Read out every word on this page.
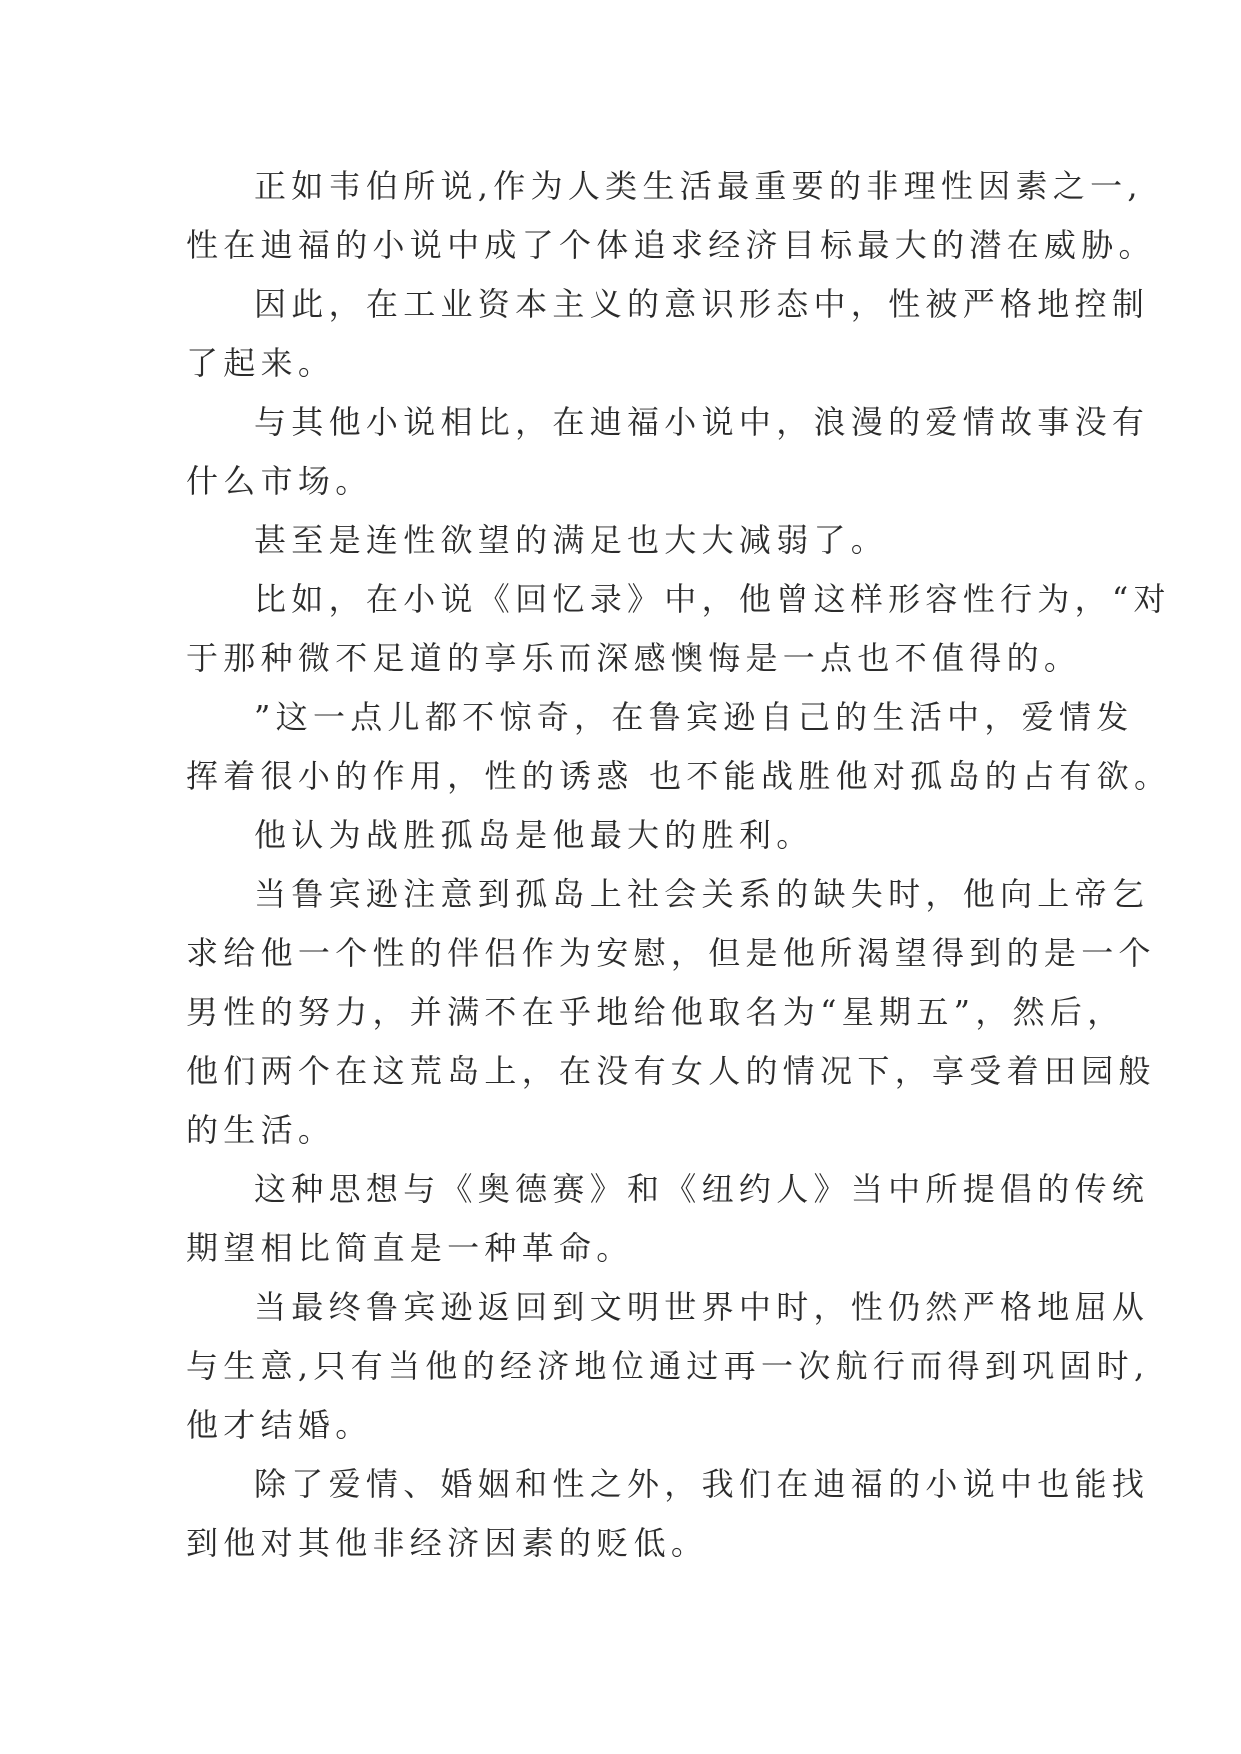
正如韦伯所说,作为人类生活最重要的非理性因素之一,
性在迪福的小说中成了个体追求经济目标最大的潜在威胁。
因此，在工业资本主义的意识形态中，性被严格地控制
了起来。
与其他小说相比，在迪福小说中，浪漫的爱情故事没有
什么市场。
甚至是连性欲望的满足也大大减弱了。
比如，在小说《回忆录》中，他曾这样形容性行为，“对
于那种微不足道的享乐而深感懊悔是一点也不值得的。
”这一点儿都不惊奇，在鲁宾逊自己的生活中，爱情发
挥着很小的作用，性的诱惑 也不能战胜他对孤岛的占有欲。
他认为战胜孤岛是他最大的胜利。
当鲁宾逊注意到孤岛上社会关系的缺失时，他向上帝乞
求给他一个性的伴侣作为安慰，但是他所渴望得到的是一个
男性的努力，并满不在乎地给他取名为“星期五”，然后，
他们两个在这荒岛上，在没有女人的情况下，享受着田园般
的生活。
这种思想与《奥德赛》和《纽约人》当中所提倡的传统
期望相比简直是一种革命。
当最终鲁宾逊返回到文明世界中时，性仍然严格地屈从
与生意,只有当他的经济地位通过再一次航行而得到巩固时,
他才结婚。
除了爱情、婚姻和性之外，我们在迪福的小说中也能找
到他对其他非经济因素的贬低。
